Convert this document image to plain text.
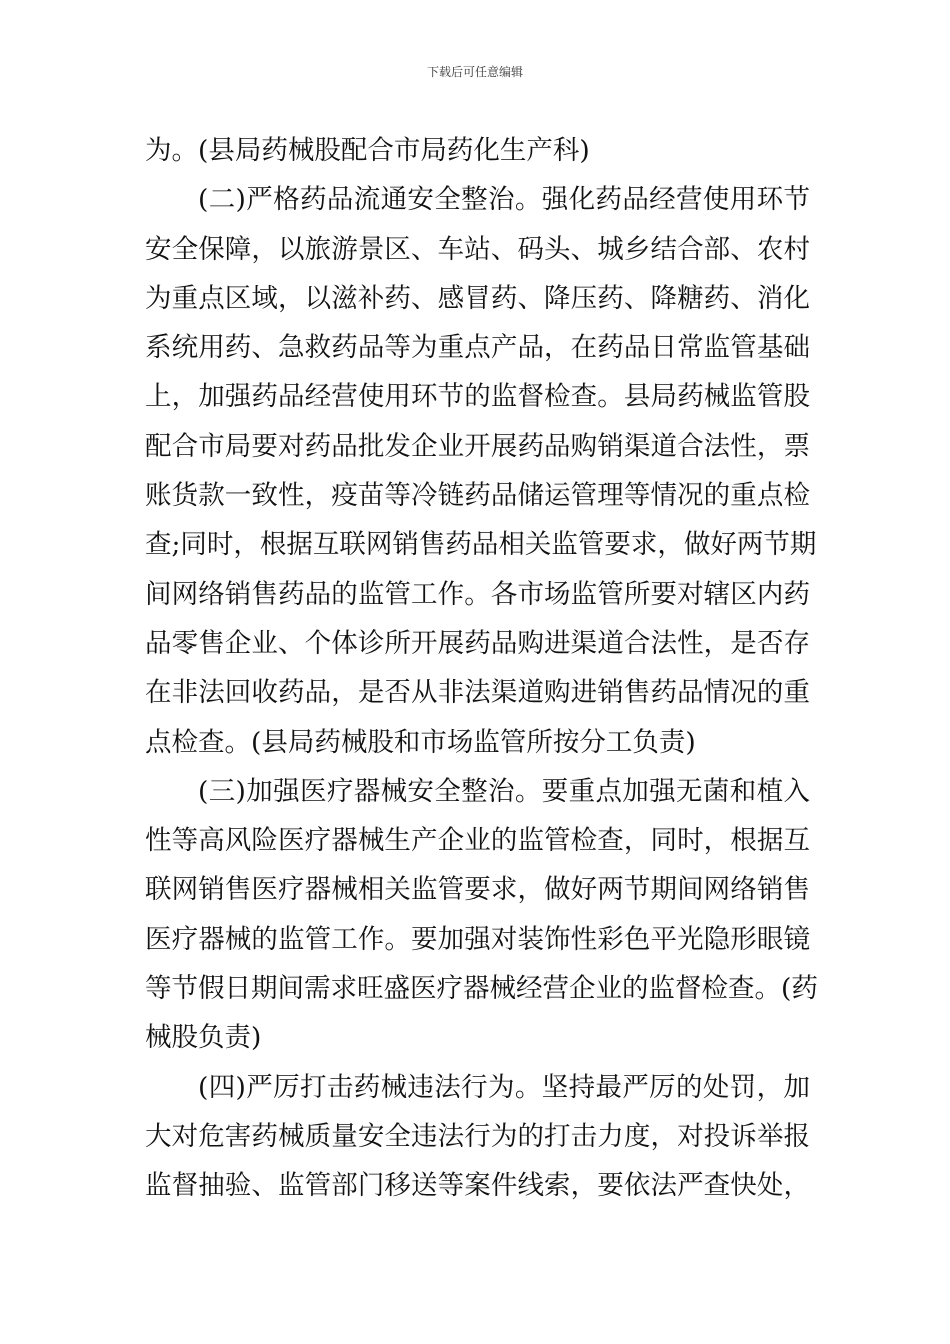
下载后可任意编辑
为。(县局药械股配合市局药化生产科)
(二)严格药品流通安全整治。强化药品经营使用环节
安全保障，以旅游景区、车站、码头、城乡结合部、农村
为重点区域，以滋补药、感冒药、降压药、降糖药、消化
系统用药、急救药品等为重点产品，在药品日常监管基础
上，加强药品经营使用环节的监督检查。县局药械监管股
配合市局要对药品批发企业开展药品购销渠道合法性，票
账货款一致性，疫苗等冷链药品储运管理等情况的重点检
查;同时，根据互联网销售药品相关监管要求，做好两节期
间网络销售药品的监管工作。各市场监管所要对辖区内药
品零售企业、个体诊所开展药品购进渠道合法性，是否存
在非法回收药品，是否从非法渠道购进销售药品情况的重
点检查。(县局药械股和市场监管所按分工负责)
(三)加强医疗器械安全整治。要重点加强无菌和植入
性等高风险医疗器械生产企业的监管检查，同时，根据互
联网销售医疗器械相关监管要求，做好两节期间网络销售
医疗器械的监管工作。要加强对装饰性彩色平光隐形眼镜
等节假日期间需求旺盛医疗器械经营企业的监督检查。(药
械股负责)
(四)严厉打击药械违法行为。坚持最严厉的处罚，加
大对危害药械质量安全违法行为的打击力度，对投诉举报
监督抽验、监管部门移送等案件线索，要依法严查快处，
